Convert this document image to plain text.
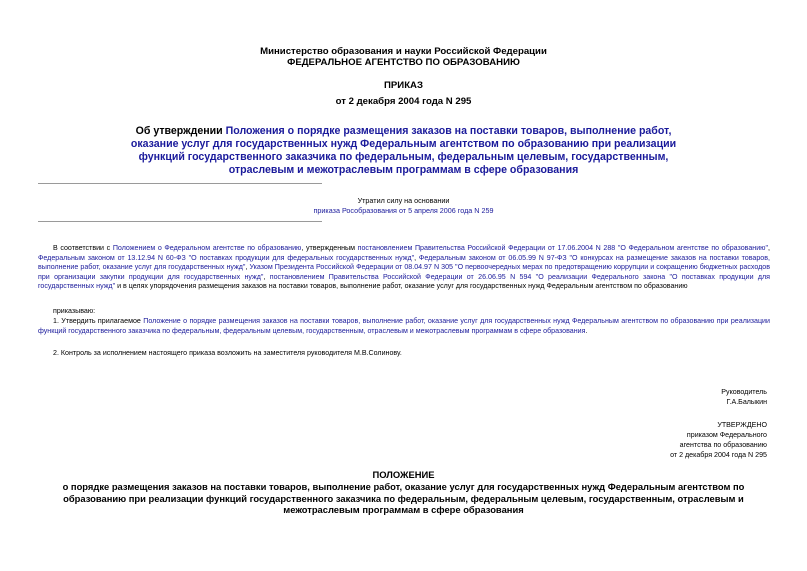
Министерство образования и науки Российской Федерации
ФЕДЕРАЛЬНОЕ АГЕНТСТВО ПО ОБРАЗОВАНИЮ
ПРИКАЗ
от 2 декабря 2004 года N 295
Об утверждении Положения о порядке размещения заказов на поставки товаров, выполнение работ, оказание услуг для государственных нужд Федеральным агентством по образованию при реализации функций государственного заказчика по федеральным, федеральным целевым, государственным, отраслевым и межотраслевым программам в сфере образования
Утратил силу на основании
приказа Рособразования от 5 апреля 2006 года N 259
В соответствии с Положением о Федеральном агентстве по образованию, утвержденным постановлением Правительства Российской Федерации от 17.06.2004 N 288 "О Федеральном агентстве по образованию", Федеральным законом от 13.12.94 N 60-ФЗ "О поставках продукции для федеральных государственных нужд", Федеральным законом от 06.05.99 N 97-ФЗ "О конкурсах на размещение заказов на поставки товаров, выполнение работ, оказание услуг для государственных нужд", Указом Президента Российской Федерации от 08.04.97 N 305 "О первоочередных мерах по предотвращению коррупции и сокращению бюджетных расходов при организации закупки продукции для государственных нужд", постановлением Правительства Российской Федерации от 26.06.95 N 594 "О реализации Федерального закона "О поставках продукции для государственных нужд" и в целях упорядочения размещения заказов на поставки товаров, выполнение работ, оказание услуг для государственных нужд Федеральным агентством по образованию
приказываю:
1. Утвердить прилагаемое Положение о порядке размещения заказов на поставки товаров, выполнение работ, оказание услуг для государственных нужд Федеральным агентством по образованию при реализации функций государственного заказчика по федеральным, федеральным целевым, государственным, отраслевым и межотраслевым программам в сфере образования.
2. Контроль за исполнением настоящего приказа возложить на заместителя руководителя М.В.Солинову.
Руководитель
Г.А.Балыкин
УТВЕРЖДЕНО
приказом Федерального
агентства по образованию
от 2 декабря 2004 года N 295
ПОЛОЖЕНИЕ
о порядке размещения заказов на поставки товаров, выполнение работ, оказание услуг для государственных нужд Федеральным агентством по образованию при реализации функций государственного заказчика по федеральным, федеральным целевым, государственным, отраслевым и межотраслевым программам в сфере образования
